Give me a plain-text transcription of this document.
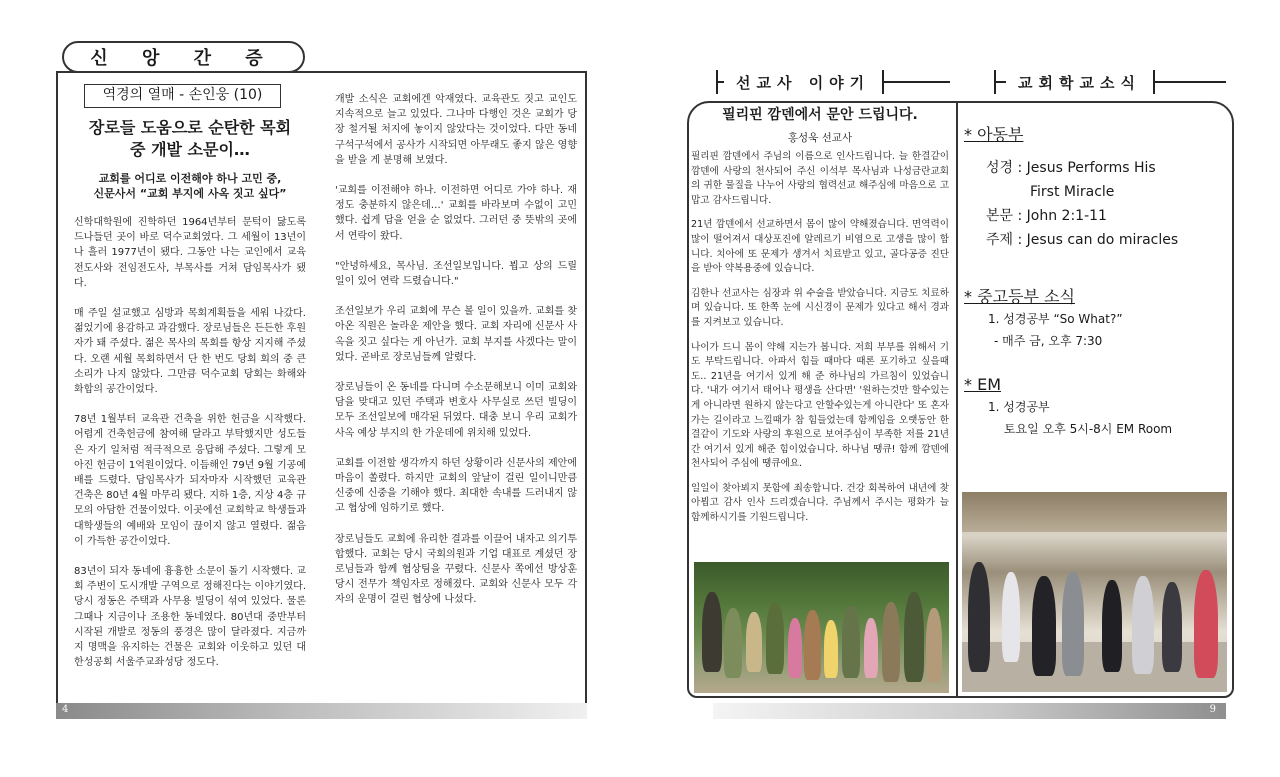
신 앙 간 증
역경의 열매 - 손인웅 (10)
장로들 도움으로 순탄한 목회
중 개발 소문이…
교회를 어디로 이전해야 하나 고민 중,
신문사서 “교회 부지에 사옥 짓고 싶다”

신학대학원에 진학하던 1964년부터 문턱이 닳도록 드나들던 곳이 바로 덕수교회였다. 그 세월이 13년이나 흘러 1977년이 됐다. 그동안 나는 교인에서 교육전도사와 전임전도사, 부목사를 거쳐 담임목사가 됐다.

매 주일 설교했고 심방과 목회계획들을 세워 나갔다. 젊었기에 용감하고 과감했다. 장로님들은 든든한 후원자가 돼 주셨다. 젊은 목사의 목회를 항상 지지해 주셨다. 오랜 세월 목회하면서 단 한 번도 당회 회의 중 큰 소리가 나지 않았다. 그만큼 덕수교회 당회는 화해와 화합의 공간이었다.

78년 1월부터 교육관 건축을 위한 헌금을 시작했다. 어렵게 건축헌금에 참여해 달라고 부탁했지만 성도들은 자기 일처럼 적극적으로 응답해 주셨다. 그렇게 모아진 헌금이 1억원이었다. 이듬해인 79년 9월 기공예배를 드렸다. 담임목사가 되자마자 시작했던 교육관 건축은 80년 4월 마무리 됐다. 지하 1층, 지상 4층 규모의 아담한 건물이었다. 이곳에선 교회학교 학생들과 대학생들의 예배와 모임이 끊이지 않고 열렸다. 젊음이 가득한 공간이었다.

83년이 되자 동네에 흉흉한 소문이 돌기 시작했다. 교회 주변이 도시개발 구역으로 정해진다는 이야기였다. 당시 정동은 주택과 사무용 빌딩이 섞여 있었다. 물론 그때나 지금이나 조용한 동네였다. 80년대 중반부터 시작된 개발로 정동의 풍경은 많이 달라졌다. 지금까지 명맥을 유지하는 건물은 교회와 이웃하고 있던 대한성공회 서울주교좌성당 정도다.

개발 소식은 교회에겐 악재였다. 교육관도 짓고 교인도 지속적으로 늘고 있었다. 그나마 다행인 것은 교회가 당장 철거될 처지에 놓이지 않았다는 것이었다. 다만 동네 구석구석에서 공사가 시작되면 아무래도 좋지 않은 영향을 받을 게 분명해 보였다.

'교회를 이전해야 하나. 이전하면 어디로 가야 하나. 재정도 충분하지 않은데…' 교회를 바라보며 수없이 고민했다. 쉽게 답을 얻을 순 없었다. 그러던 중 뜻밖의 곳에서 연락이 왔다.

"안녕하세요, 목사님. 조선일보입니다. 뵙고 상의 드릴 일이 있어 연락 드렸습니다."

조선일보가 우리 교회에 무슨 볼 일이 있을까. 교회를 찾아온 직원은 놀라운 제안을 했다. 교회 자리에 신문사 사옥을 짓고 싶다는 게 아닌가. 교회 부지를 사겠다는 말이었다. 곧바로 장로님들께 알렸다.

장로님들이 온 동네를 다니며 수소문해보니 이미 교회와 담을 맞대고 있던 주택과 변호사 사무실로 쓰던 빌딩이 모두 조선일보에 매각된 뒤였다. 대충 보니 우리 교회가 사옥 예상 부지의 한 가운데에 위치해 있었다.

교회를 이전할 생각까지 하던 상황이라 신문사의 제안에 마음이 쏠렸다. 하지만 교회의 앞날이 걸린 일이니만큼 신중에 신중을 기해야 했다. 최대한 속내를 드러내지 않고 협상에 임하기로 했다.

장로님들도 교회에 유리한 결과를 이끌어 내자고 의기투합했다. 교회는 당시 국회의원과 기업 대표로 계셨던 장로님들과 함께 협상팀을 꾸렸다. 신문사 쪽에선 방상훈 당시 전무가 책임자로 정해졌다. 교회와 신문사 모두 각자의 운명이 걸린 협상에 나섰다.

4
선교사 이야기	교회학교소식
필리핀 깜덴에서 문안 드립니다.
홍성욱 선교사

필리핀 깜덴에서 주님의 이름으로 인사드립니다. 늘 한결같이 깜덴에 사랑의 천사되어 주신 이석부 목사님과 나성금란교회의 귀한 물질을 나누어 사랑의 협력선교 해주심에 마음으로 고맙고 감사드립니다.

21년 깜덴에서 선교하면서 몸이 많이 약해졌습니다. 면역력이 많이 떨어져서 대상포진에 알레르기 비염으로 고생을 많이 합니다. 치아에 또 문제가 생겨서 치료받고 있고, 골다공증 진단을 받아 약복용중에 있습니다.

김한나 선교사는 심장과 위 수술을 받았습니다. 지금도 치료하며 있습니다. 또 한쪽 눈에 시신경이 문제가 있다고 해서 경과를 지켜보고 있습니다.

나이가 드니 몸이 약해 지는가 봅니다. 저희 부부를 위해서 기도 부탁드립니다. 아파서 힘들 때마다 때론 포기하고 싶을때도.. 21년을 여기서 있게 해 준 하나님의 가르침이 있었습니다. '내가 여기서 태어나 평생을 산다면' '원하는것만 할수있는게 아니라면 원하지 않는다고 안할수있는게 아니란다' 또 혼자가는 길이라고 느낄때가 참 힘들었는데 함께임을 오랫동안 한결같이 기도와 사랑의 후원으로 보여주심이 부족한 저를 21년간 여기서 있게 해준 힘이었습니다. 하나님 땡큐! 함께 깜덴에 천사되어 주심에 땡큐에요.

일일이 찾아뵈지 못함에 죄송합니다. 건강 회복하여 내년에 찾아뵙고 감사 인사 드리겠습니다. 주님께서 주시는 평화가 늘 함께하시기를 기원드립니다.

* 아동부
성경 : Jesus Performs His
First Miracle
본문 : John 2:1-11
주제 : Jesus can do miracles
* 중고등부 소식
1. 성경공부 “So What?”
- 매주 금, 오후 7:30
* EM
1. 성경공부
토요일 오후 5시-8시 EM Room
9
